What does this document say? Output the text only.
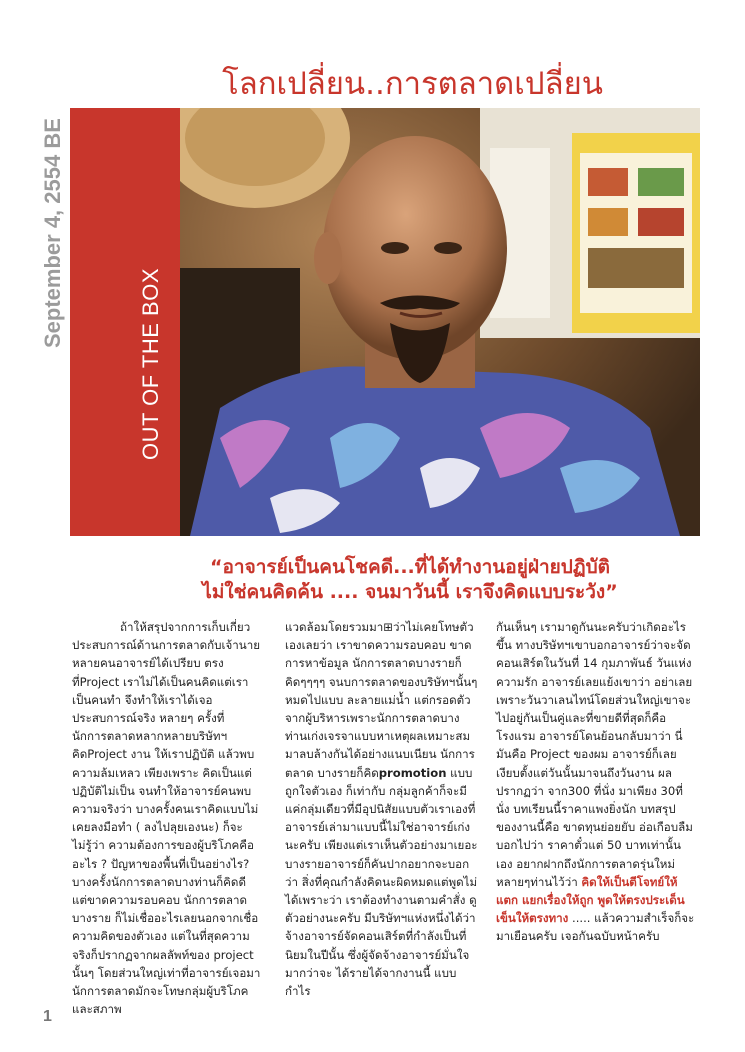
โลกเปลี่ยน..การตลาดเปลี่ยน
September 4, 2554 BE
OUT OF THE BOX
“อาจารย์เป็นคนโชคดี...ที่ได้ทำงานอยู่ฝ่ายปฏิบัติ
ไม่ใช่คนคิดค้น .... จนมาวันนี้ เราจึงคิดแบบระวัง”

ถ้าให้สรุปจากการเก็บเกี่ยวประสบการณ์ด้านการตลาดกับเจ้านายหลายคนอาจารย์ได้เปรียบ ตรงที่Project เราไม่ได้เป็นคนคิดแต่เราเป็นคนทำ จึงทำให้เราได้เจอประสบการณ์จริง หลายๆ ครั้งที่ นักการตลาดหลากหลายบริษัทฯ คิดProject งาน ให้เราปฏิบัติ แล้วพบความล้มเหลว เพียงเพราะ คิดเป็นแต่ปฏิบัติไม่เป็น จนทำให้อาจารย์คนพบความจริงว่า บางครั้งคนเราคิดแบบไม่เคยลงมือทำ ( ลงไปลุยเองนะ) ก็จะไม่รู้ว่า ความต้องการของผู้บริโภคคืออะไร ? ปัญหาของพื้นที่เป็นอย่างไร? บางครั้งนักการตลาดบางท่านก็คิดดี แต่ขาดความรอบคอบ นักการตลาดบางราย ก็ไม่เชื่ออะไรเลยนอกจากเชื่อความคิดของตัวเอง แต่ในที่สุดความจริงก็ปรากฏจากผลลัพท์ของ project นั้นๆ โดยส่วนใหญ่เท่าที่อาจารย์เจอมานักการตลาดมักจะโทษกลุ่มผู้บริโภคและสภาพ

แวดล้อมโดยรวมมา⊞ว่าไม่เคยโทษตัวเองเลยว่า เราขาดความรอบคอบ ขาดการหาข้อมูล นักการตลาดบางรายก็คิดๆๆๆๆ จนบการตลาดของบริษัทฯนั้นๆหมดไปแบบ ละลายแม่น้ำ แต่กรอดตัวจากผู้บริหารเพราะนักการตลาดบางท่านเก่งเจรจาแบบหาเหตุผลเหมาะสมมาลบล้างกันได้อย่างแนบเนียน นักการตลาด บางรายก็คิดpromotion แบบถูกใจตัวเอง ก็เท่ากับ กลุ่มลูกค้าก็จะมีแค่กลุ่มเดียวที่มีอุปนิสัยแบบตัวเราเองที่อาจารย์เล่ามาแบบนี้ไม่ใช่อาจารย์เก่งนะครับ เพียงแต่เราเห็นตัวอย่างมาเยอะบางรายอาจารย์ก็คันปากอยากจะบอกว่า สิ่งที่คุณกำลังคิดนะผิดหมดแต่พูดไม่ได้เพราะว่า เราต้องทำงานตามคำสั่ง ดูตัวอย่างนะครับ มีบริษัทฯแห่งหนึ่งได้ว่าจ้างอาจารย์จัดคอนเสิร์ตที่กำลังเป็นที่นิยมในปีนั้น ซึ่งผู้จัดจ้างอาจารย์มั่นใจมากว่าจะ ได้รายได้จากงานนี้ แบบกำไร

กันเห็นๆ เรามาดูกันนะครับว่าเกิดอะไรขึ้น ทางบริษัทฯเขาบอกอาจารย์ว่าจะจัดคอนเสิร์ตในวันที่ 14 กุมภาพันธ์ วันแห่งความรัก อาจารย์เลยแย้งเขาว่า อย่าเลยเพราะวันวาเลนไทน์โดยส่วนใหญ่เขาจะไปอยู่กันเป็นคู่และที่ขายดีที่สุดก็คือโรงแรม อาจารย์โดนย้อนกลับมาว่า นี่มันคือ Project ของผม อาจารย์ก็เลยเงียบตั้งแต่วันนั้นมาจนถึงวันงาน ผลปรากฏว่า จาก300 ที่นั่ง มาเพียง 30ที่นั่ง บทเรียนนี้ราคาแพงยิ่งนัก บทสรุปของงานนี้คือ ขาดทุนย่อยยับ อ่อเกือบลืมบอกไปว่า ราคาตั๋วแต่ 50 บาทเท่านั้น เอง อยากฝากถึงนักการตลาดรุ่นใหม่หลายๆท่านไว้ว่า คิดให้เป็นตีโจทย์ให้แตก แยกเรื่องให้ถูก พูดให้ตรงประเด็นเข็นให้ตรงทาง ..... แล้วความสำเร็จก็จะมาเยือนครับ เจอกันฉบับหน้าครับ

1
